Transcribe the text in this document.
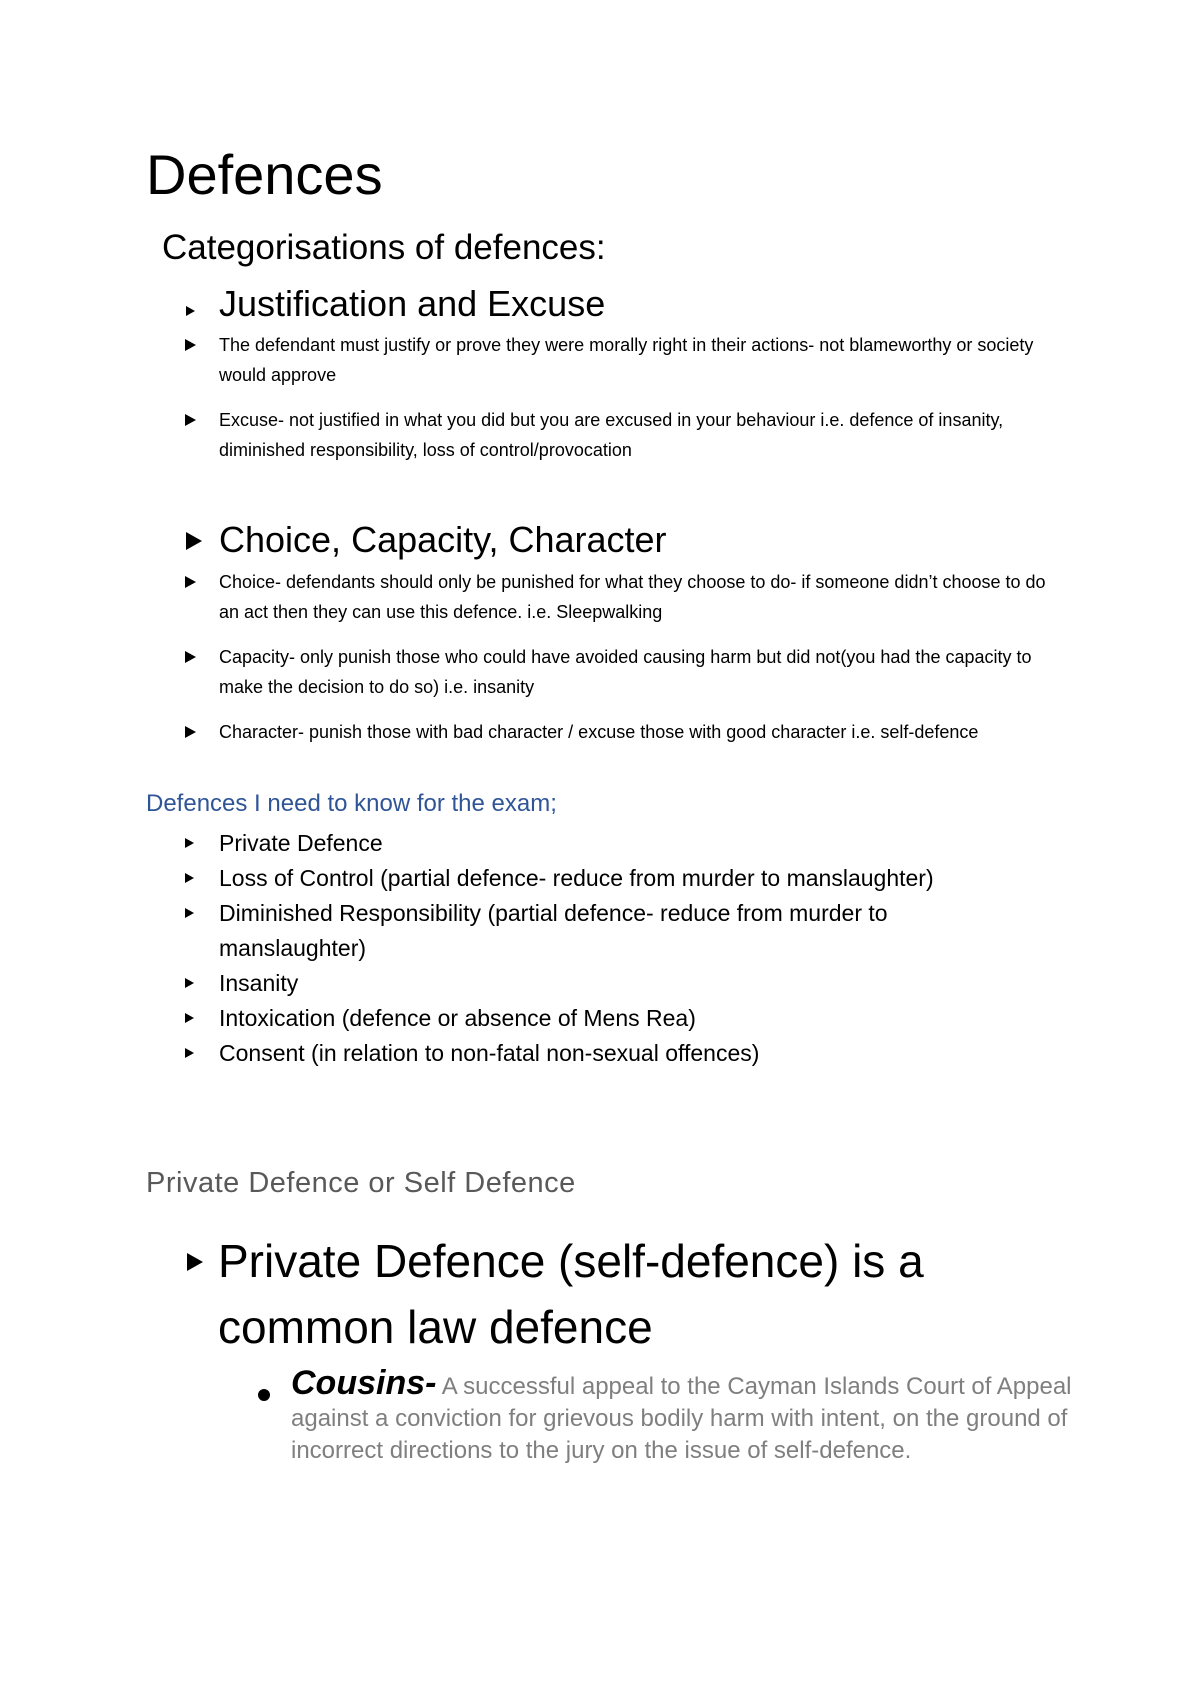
Defences
Categorisations of defences:

Justification and Excuse

The defendant must justify or prove they were morally right in their actions- not blameworthy or society would approve

Excuse- not justified in what you did but you are excused in your behaviour i.e. defence of insanity, diminished responsibility, loss of control/provocation

Choice, Capacity, Character

Choice- defendants should only be punished for what they choose to do- if someone didn’t choose to do an act then they can use this defence. i.e. Sleepwalking

Capacity- only punish those who could have avoided causing harm but did not(you had the capacity to make the decision to do so) i.e. insanity

Character- punish those with bad character / excuse those with good character i.e. self-defence

Defences I need to know for the exam;

Private Defence

Loss of Control (partial defence- reduce from murder to manslaughter)

Diminished Responsibility (partial defence- reduce from murder to manslaughter)

Insanity

Intoxication (defence or absence of Mens Rea)

Consent (in relation to non-fatal non-sexual offences)

Private Defence or Self Defence

Private Defence (self-defence) is a common law defence

Cousins- A successful appeal to the Cayman Islands Court of Appeal against a conviction for grievous bodily harm with intent, on the ground of incorrect directions to the jury on the issue of self-defence.
